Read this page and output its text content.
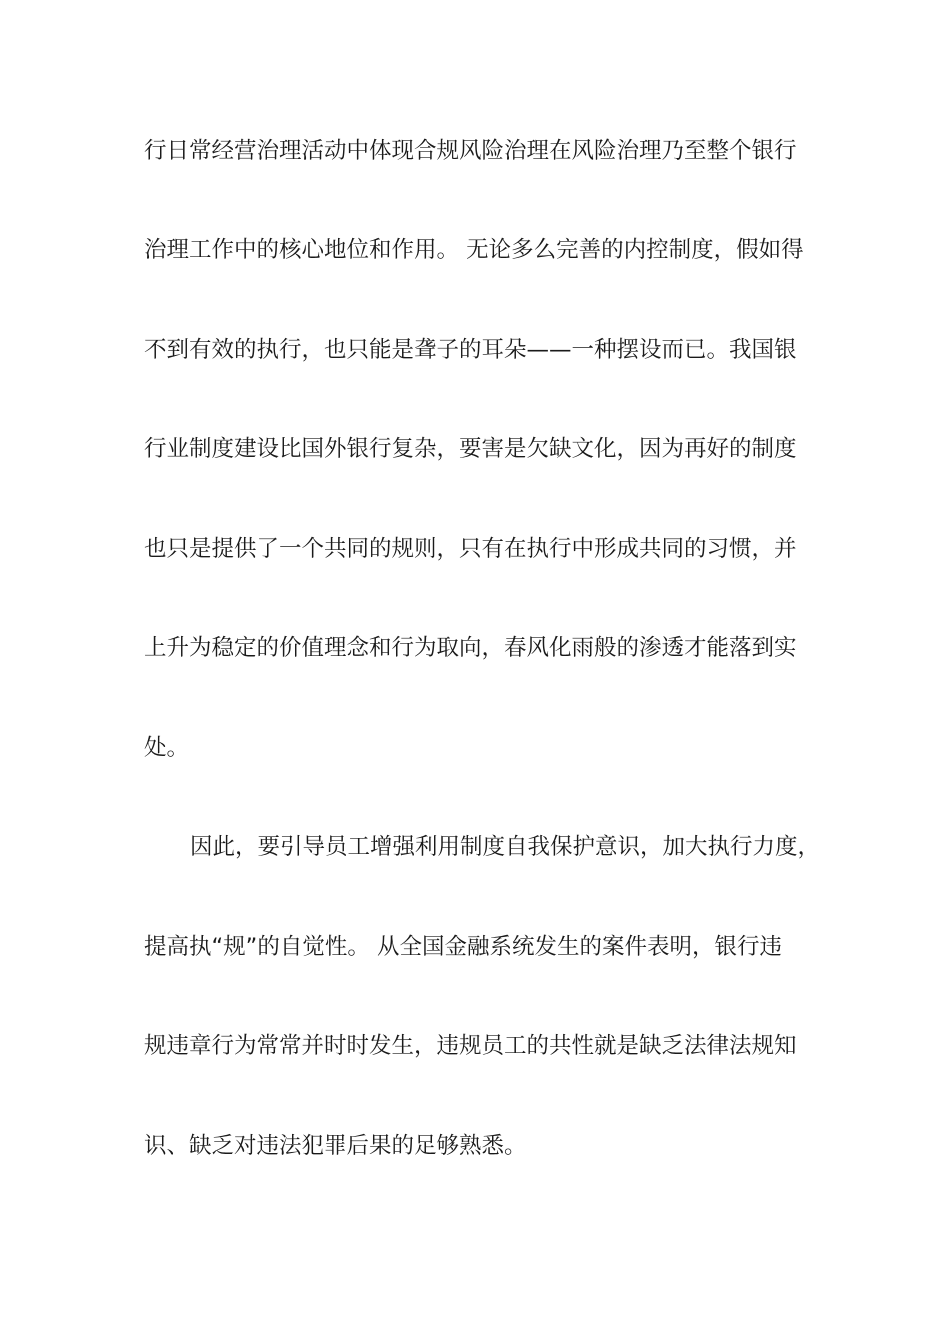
行日常经营治理活动中体现合规风险治理在风险治理乃至整个银行
治理工作中的核心地位和作用。 无论多么完善的内控制度，假如得
不到有效的执行，也只能是聋子的耳朵——一种摆设而已。我国银
行业制度建设比国外银行复杂，要害是欠缺文化，因为再好的制度
也只是提供了一个共同的规则，只有在执行中形成共同的习惯，并
上升为稳定的价值理念和行为取向，春风化雨般的渗透才能落到实
处。
因此，要引导员工增强利用制度自我保护意识，加大执行力度，
提高执“规”的自觉性。 从全国金融系统发生的案件表明，银行违
规违章行为常常并时时发生，违规员工的共性就是缺乏法律法规知
识、缺乏对违法犯罪后果的足够熟悉。
